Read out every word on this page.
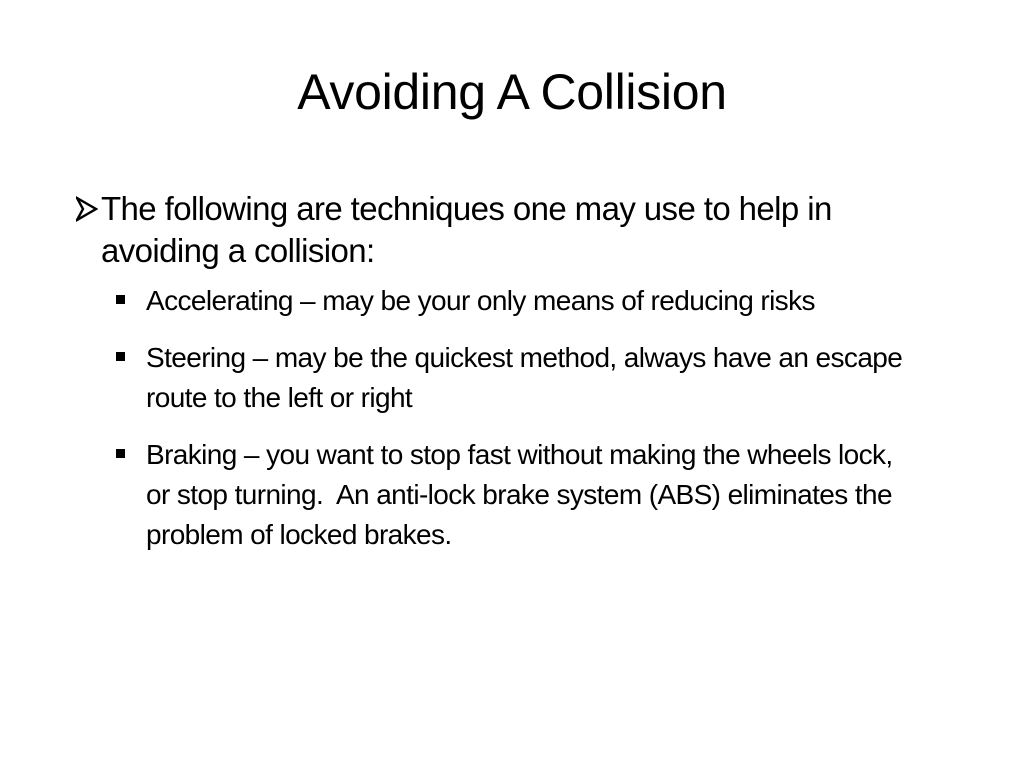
Avoiding A Collision

The following are techniques one may use to help in avoiding a collision:

Accelerating – may be your only means of reducing risks
Steering – may be the quickest method, always have an escape route to the left or right
Braking – you want to stop fast without making the wheels lock, or stop turning.  An anti-lock brake system (ABS) eliminates the problem of locked brakes.
